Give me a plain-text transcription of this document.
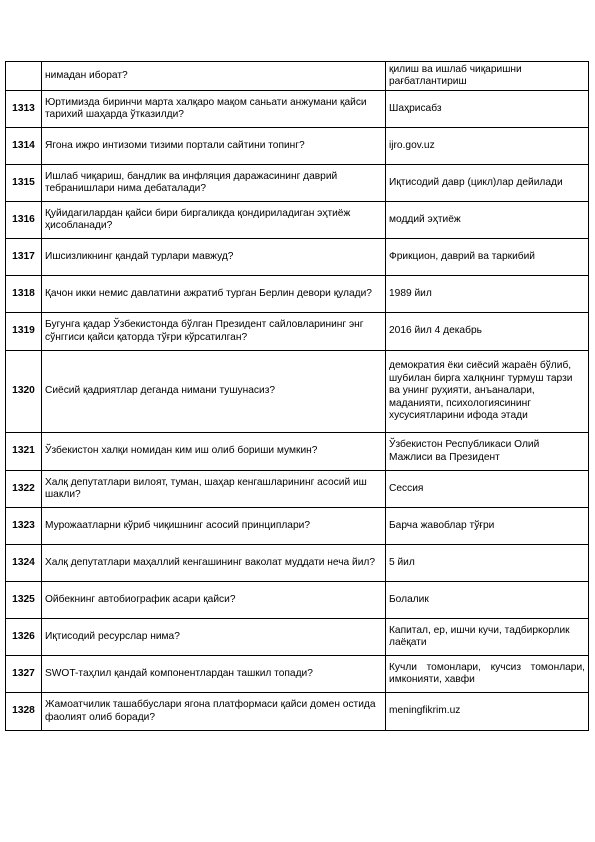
	нимадан иборат?	қилиш ва ишлаб чиқаришни рағбатлантириш
1313	Юртимизда биринчи марта халқаро мақом саньати анжумани қайси тарихий шаҳарда ўтказилди?	Шаҳрисабз
1314	Ягона ижро интизоми тизими портали сайтини топинг?	ijro.gov.uz
1315	Ишлаб чиқариш, бандлик ва инфляция даражасининг даврий тебранишлари нима дебаталади?	Иқтисодий давр (цикл)лар дейилади
1316	Қуйидагилардан қайси бири биргаликда қондириладиган эҳтиёж ҳисобланади?	моддий эҳтиёж
1317	Ишсизликнинг қандай турлари мавжуд?	Фрикцион, даврий ва таркибий
1318	Қачон икки немис давлатини ажратиб турган Берлин девори қулади?	1989 йил
1319	Бугунга қадар Ўзбекистонда бўлган Президент сайловларининг энг сўнггиси қайси қаторда тўғри кўрсатилган?	2016 йил 4 декабрь
1320	Сиёсий қадриятлар деганда нимани тушунасиз?	демократия ёки сиёсий жараён бўлиб, шубилан бирга халқнинг турмуш тарзи ва унинг руҳияти, анъаналари, маданияти, психологиясининг хусусиятларини ифода этади
1321	Ўзбекистон халқи номидан ким иш олиб бориши мумкин?	Ўзбекистон Республикаси Олий Мажлиси ва Президент
1322	Халқ депутатлари вилоят, туман, шаҳар кенгашларининг асосий иш шакли?	Сессия
1323	Мурожаатларни кўриб чиқишнинг асосий принциплари?	Барча жавоблар тўғри
1324	Халқ депутатлари маҳаллий кенгашининг ваколат муддати неча йил?	5 йил
1325	Ойбекнинг автобиографик асари қайси?	Болалик
1326	Иқтисодий ресурслар нима?	Капитал, ер, ишчи кучи, тадбиркорлик лаёқати
1327	SWOT-таҳлил қандай компонентлардан ташкил топади?	Кучли томонлари, кучсиз томонлари, имконияти, хавфи
1328	Жамоатчилик ташаббуслари ягона платформаси қайси домен остида фаолият олиб боради?	meningfikrim.uz
